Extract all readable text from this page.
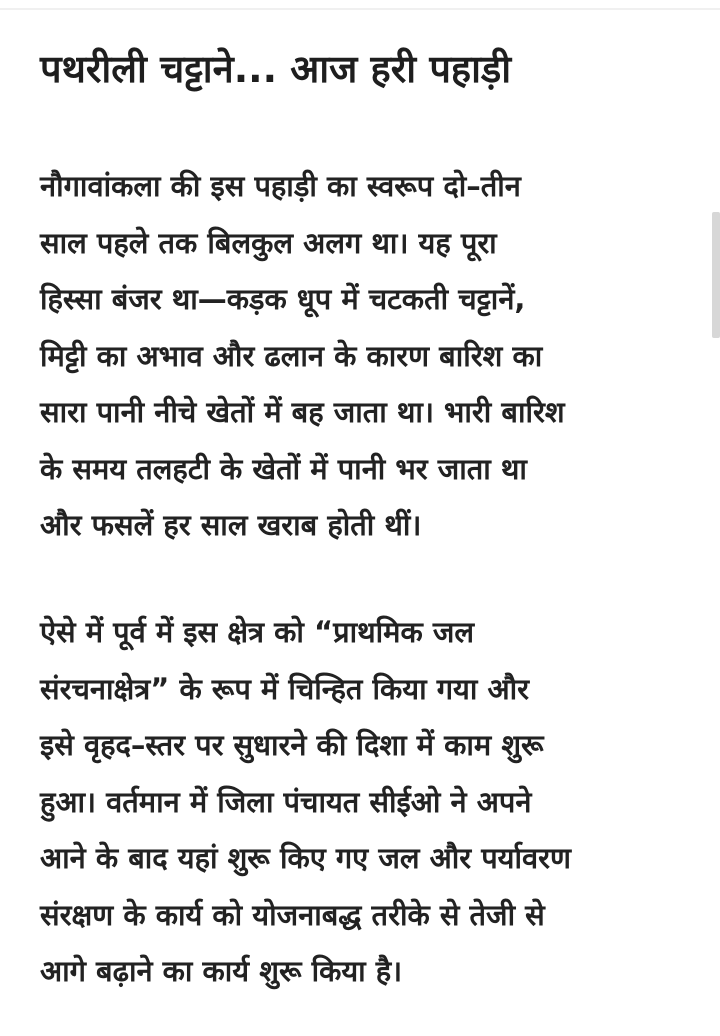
पथरीली चट्टाने... आज हरी पहाड़ी

नौगावांकला की इस पहाड़ी का स्वरूप दो–तीन
साल पहले तक बिलकुल अलग था। यह पूरा
हिस्सा बंजर था—कड़क धूप में चटकती चट्टानें,
मिट्टी का अभाव और ढलान के कारण बारिश का
सारा पानी नीचे खेतों में बह जाता था। भारी बारिश
के समय तलहटी के खेतों में पानी भर जाता था
और फसलें हर साल खराब होती थीं।

ऐसे में पूर्व में इस क्षेत्र को “प्राथमिक जल
संरचनाक्षेत्र” के रूप में चिन्हित किया गया और
इसे वृहद–स्तर पर सुधारने की दिशा में काम शुरू
हुआ। वर्तमान में जिला पंचायत सीईओ ने अपने
आने के बाद यहां शुरू किए गए जल और पर्यावरण
संरक्षण के कार्य को योजनाबद्ध तरीके से तेजी से
आगे बढ़ाने का कार्य शुरू किया है।
